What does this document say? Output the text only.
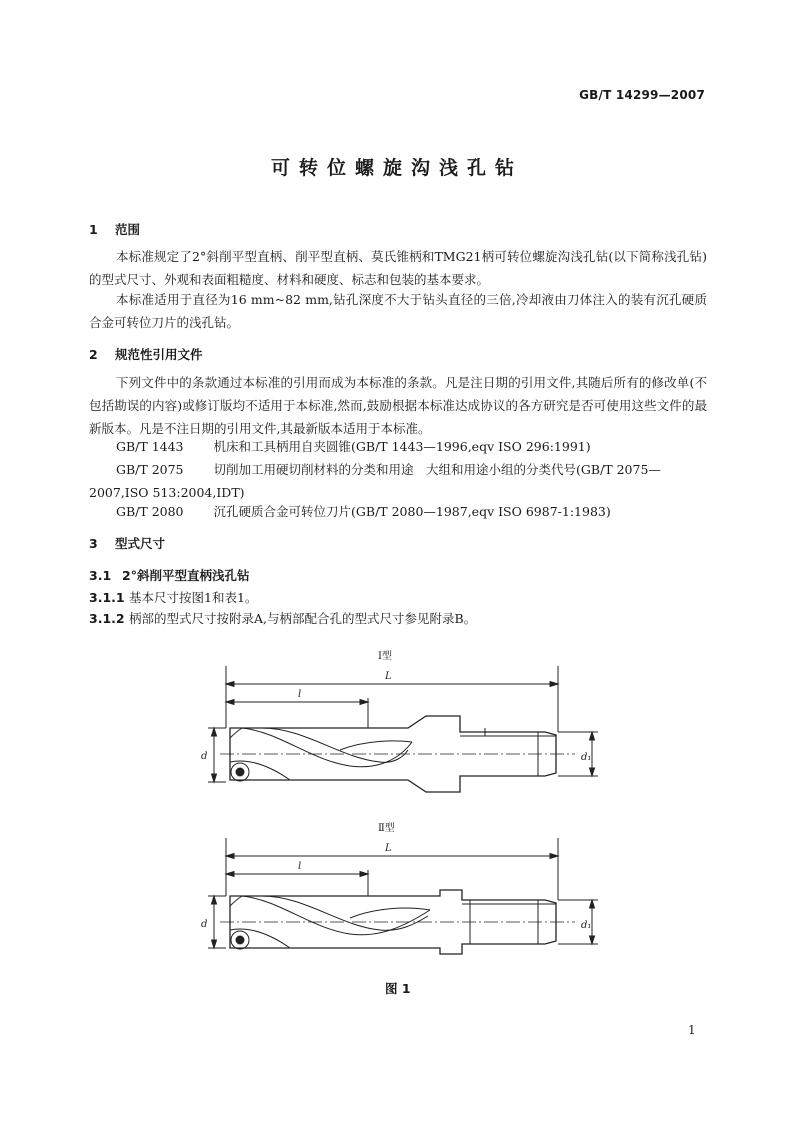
GB/T 14299—2007
可转位螺旋沟浅孔钻
1 范围
本标准规定了2°斜削平型直柄、削平型直柄、莫氏锥柄和TMG21柄可转位螺旋沟浅孔钻(以下简称浅孔钻)的型式尺寸、外观和表面粗糙度、材料和硬度、标志和包装的基本要求。
本标准适用于直径为16 mm~82 mm,钻孔深度不大于钻头直径的三倍,冷却液由刀体注入的装有沉孔硬质合金可转位刀片的浅孔钻。
2 规范性引用文件
下列文件中的条款通过本标准的引用而成为本标准的条款。凡是注日期的引用文件,其随后所有的修改单(不包括勘误的内容)或修订版均不适用于本标准,然而,鼓励根据本标准达成协议的各方研究是否可使用这些文件的最新版本。凡是不注日期的引用文件,其最新版本适用于本标准。
GB/T 1443 机床和工具柄用自夹圆锥(GB/T 1443—1996,eqv ISO 296:1991)
GB/T 2075 切削加工用硬切削材料的分类和用途　大组和用途小组的分类代号(GB/T 2075—2007,ISO 513:2004,IDT)
GB/T 2080 沉孔硬质合金可转位刀片(GB/T 2080—1987,eqv ISO 6987-1:1983)
3 型式尺寸
3.1 2°斜削平型直柄浅孔钻
3.1.1 基本尺寸按图1和表1。
3.1.2 柄部的型式尺寸按附录A,与柄部配合孔的型式尺寸参见附录B。
Ⅰ型
Ⅱ型
L
l
d	d₁
L
l
d	d₁
图 1
1
